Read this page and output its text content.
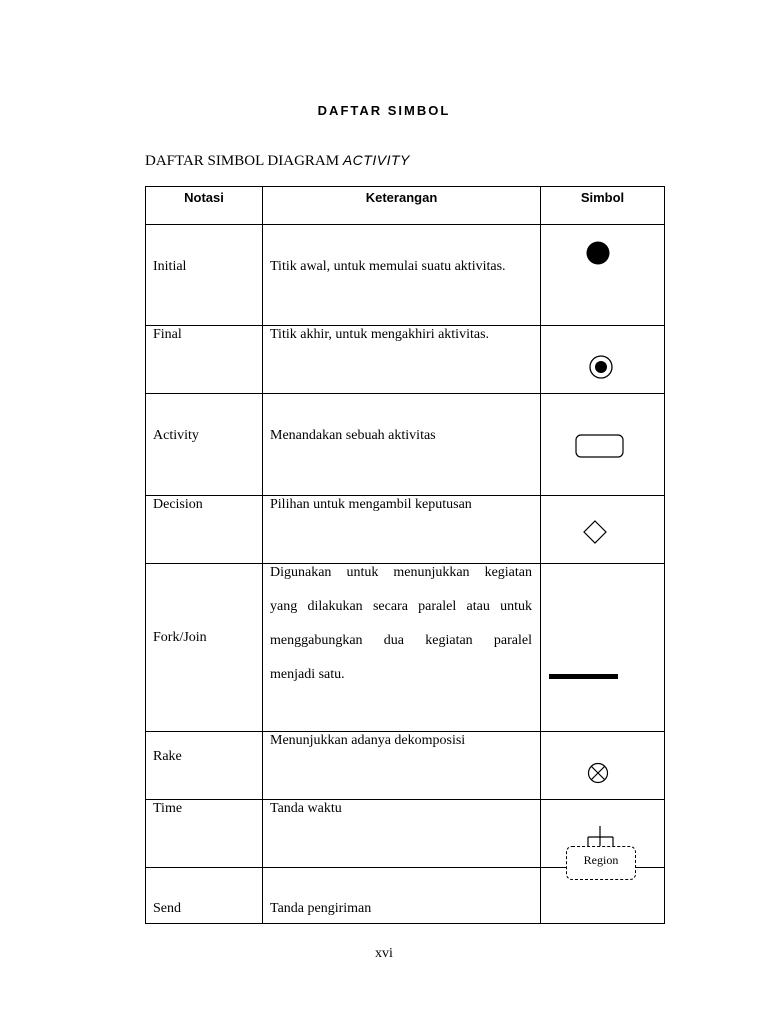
DAFTAR SIMBOL
DAFTAR SIMBOL DIAGRAM ACTIVITY
Notasi	Keterangan	Simbol

Initial	Titik awal, untuk memulai suatu aktivitas.

Final	Titik akhir, untuk mengakhiri aktivitas.

Activity	Menandakan sebuah aktivitas

Decision	Pilihan untuk mengambil keputusan

Fork/Join	Digunakan untuk menunjukkan kegiatan
yang dilakukan secara paralel atau untuk
menggabungkan dua kegiatan paralel
menjadi satu.

Rake	Menunjukkan adanya dekomposisi

Time	Tanda waktu

Send	Tanda pengiriman	

Region
xvi
